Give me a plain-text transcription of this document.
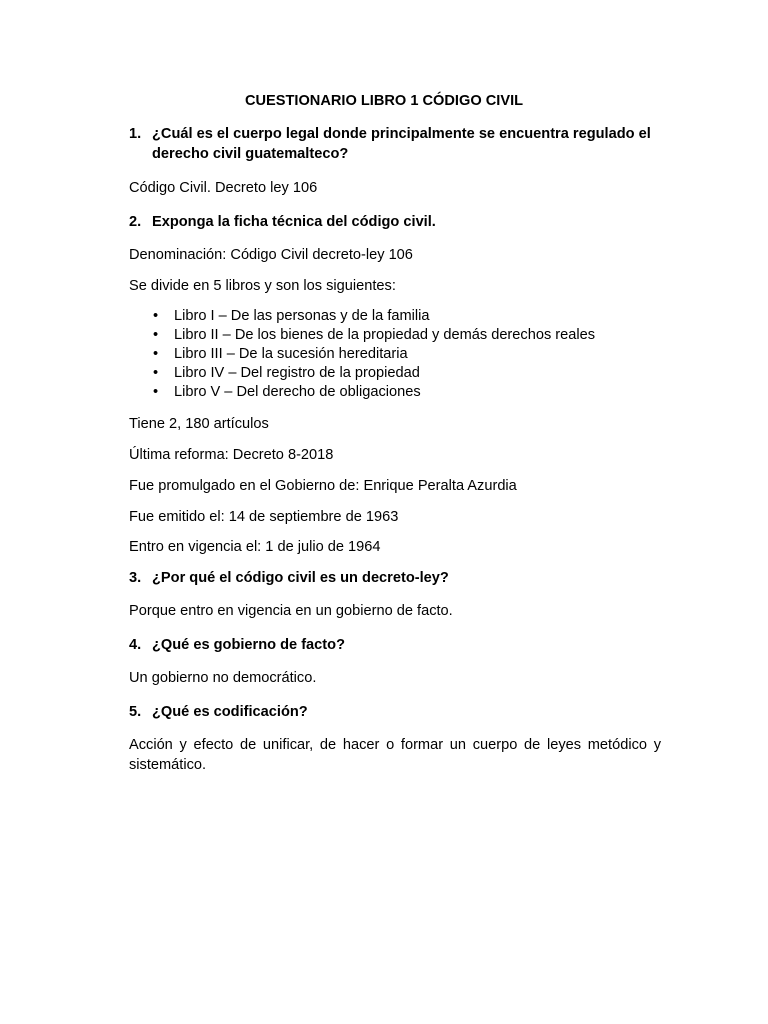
CUESTIONARIO LIBRO 1 CÓDIGO CIVIL
1. ¿Cuál es el cuerpo legal donde principalmente se encuentra regulado el derecho civil guatemalteco?
Código Civil. Decreto ley 106
2. Exponga la ficha técnica del código civil.
Denominación: Código Civil decreto-ley 106
Se divide en 5 libros y son los siguientes:
• Libro I – De las personas y de la familia
• Libro II – De los bienes de la propiedad y demás derechos reales
• Libro III – De la sucesión hereditaria
• Libro IV – Del registro de la propiedad
• Libro V – Del derecho de obligaciones
Tiene 2, 180 artículos
Última reforma: Decreto 8-2018
Fue promulgado en el Gobierno de: Enrique Peralta Azurdia
Fue emitido el: 14 de septiembre de 1963
Entro en vigencia el: 1 de julio de 1964
3. ¿Por qué el código civil es un decreto-ley?
Porque entro en vigencia en un gobierno de facto.
4. ¿Qué es gobierno de facto?
Un gobierno no democrático.
5. ¿Qué es codificación?
Acción y efecto de unificar, de hacer o formar un cuerpo de leyes metódico y sistemático.
